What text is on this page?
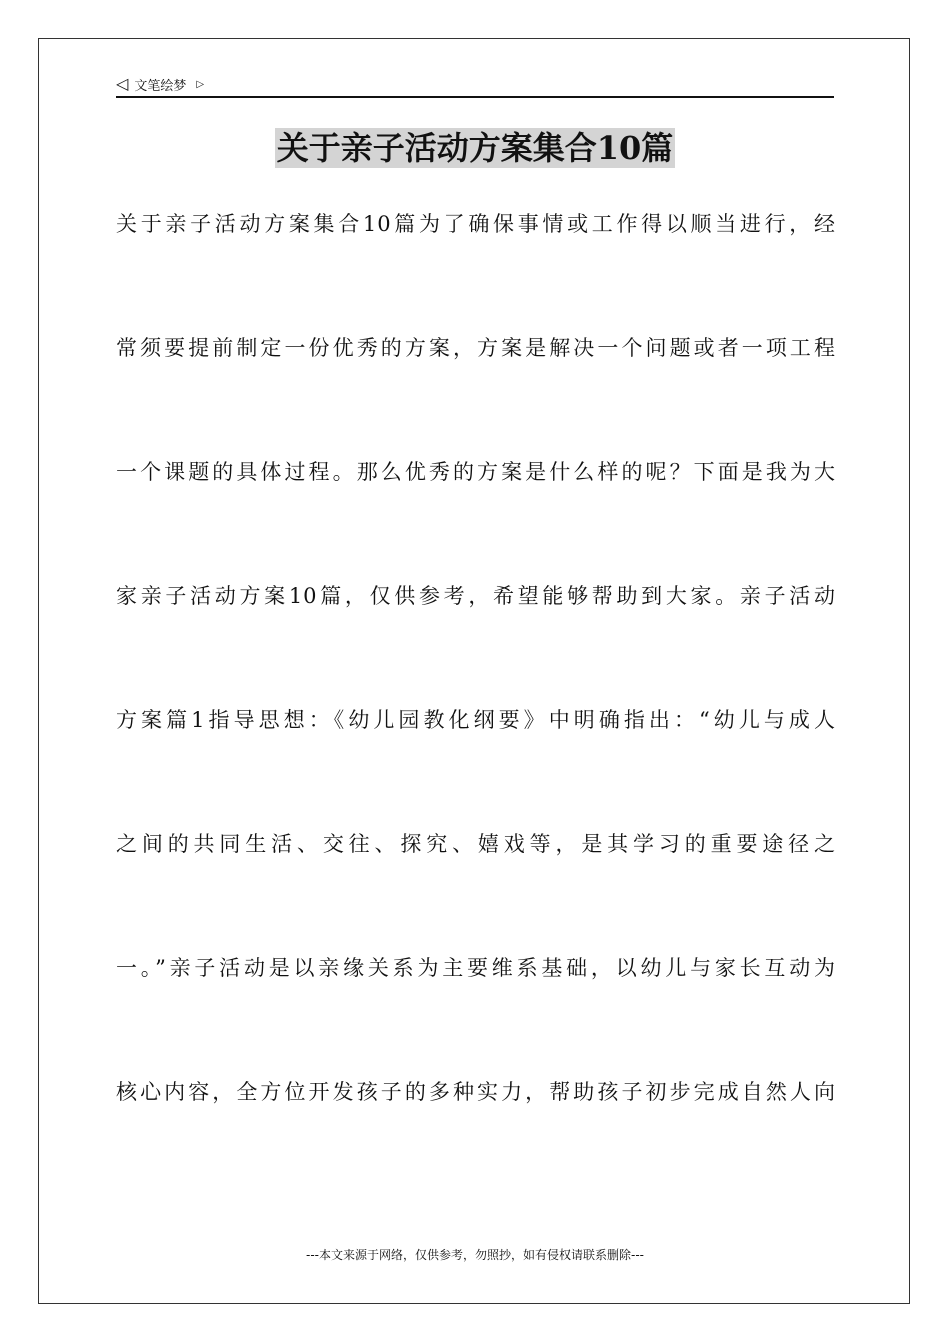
◁ 文笔绘梦 ▷
关于亲子活动方案集合10篇
关于亲子活动方案集合10篇为了确保事情或工作得以顺当进行，经
常须要提前制定一份优秀的方案，方案是解决一个问题或者一项工程
一个课题的具体过程。那么优秀的方案是什么样的呢？下面是我为大
家亲子活动方案10篇，仅供参考，希望能够帮助到大家。亲子活动
方案篇1指导思想：《幼儿园教化纲要》中明确指出：“幼儿与成人
之间的共同生活、交往、探究、嬉戏等，是其学习的重要途径之
一。”亲子活动是以亲缘关系为主要维系基础，以幼儿与家长互动为
核心内容，全方位开发孩子的多种实力，帮助孩子初步完成自然人向
---本文来源于网络，仅供参考，勿照抄，如有侵权请联系删除---
